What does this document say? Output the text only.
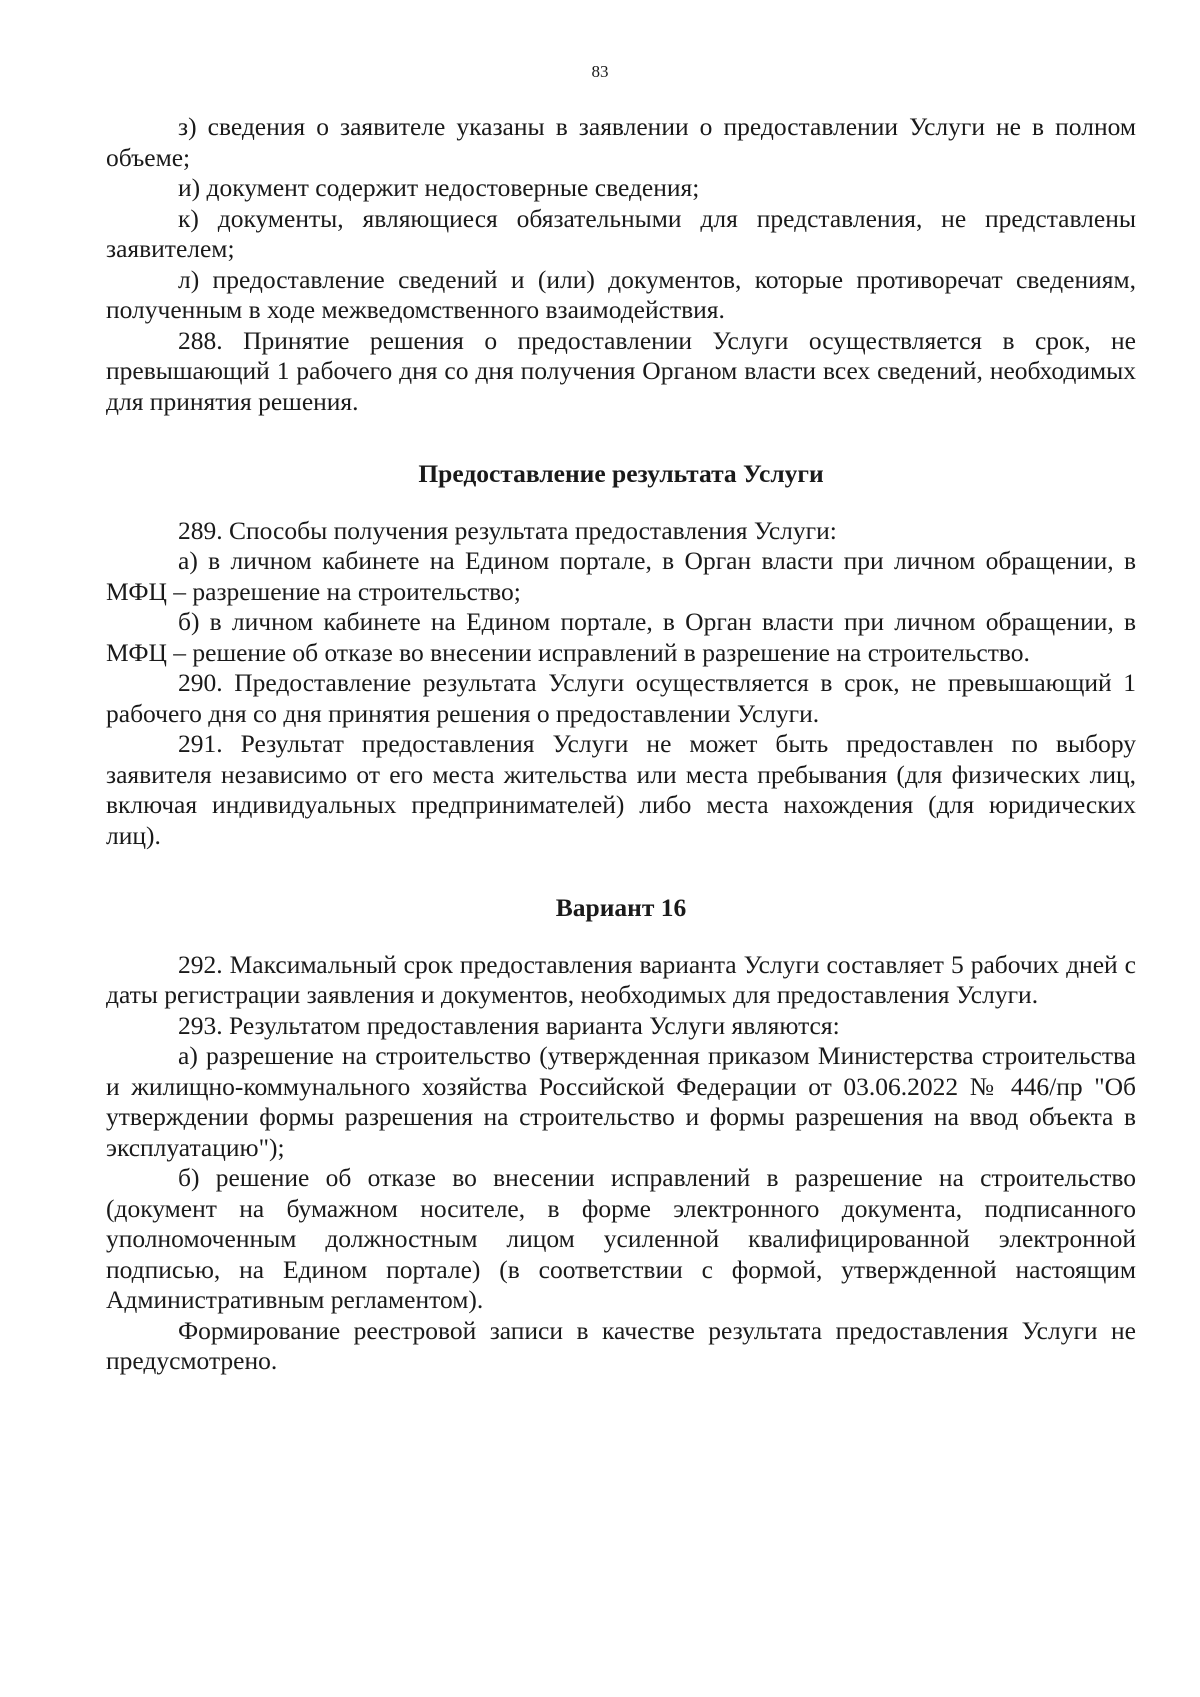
83

з) сведения о заявителе указаны в заявлении о предоставлении Услуги не в полном объеме;

и) документ содержит недостоверные сведения;

к) документы, являющиеся обязательными для представления, не представлены заявителем;

л) предоставление сведений и (или) документов, которые противоречат сведениям, полученным в ходе межведомственного взаимодействия.

288. Принятие решения о предоставлении Услуги осуществляется в срок, не превышающий 1 рабочего дня со дня получения Органом власти всех сведений, необходимых для принятия решения.

Предоставление результата Услуги

289. Способы получения результата предоставления Услуги:

а) в личном кабинете на Едином портале, в Орган власти при личном обращении, в МФЦ – разрешение на строительство;

б) в личном кабинете на Едином портале, в Орган власти при личном обращении, в МФЦ – решение об отказе во внесении исправлений в разрешение на строительство.

290. Предоставление результата Услуги осуществляется в срок, не превышающий 1 рабочего дня со дня принятия решения о предоставлении Услуги.

291. Результат предоставления Услуги не может быть предоставлен по выбору заявителя независимо от его места жительства или места пребывания (для физических лиц, включая индивидуальных предпринимателей) либо места нахождения (для юридических лиц).

Вариант 16

292. Максимальный срок предоставления варианта Услуги составляет 5 рабочих дней с даты регистрации заявления и документов, необходимых для предоставления Услуги.

293. Результатом предоставления варианта Услуги являются:

а) разрешение на строительство (утвержденная приказом Министерства строительства и жилищно-коммунального хозяйства Российской Федерации от 03.06.2022 № 446/пр "Об утверждении формы разрешения на строительство и формы разрешения на ввод объекта в эксплуатацию");

б) решение об отказе во внесении исправлений в разрешение на строительство (документ на бумажном носителе, в форме электронного документа, подписанного уполномоченным должностным лицом усиленной квалифицированной электронной подписью, на Едином портале) (в соответствии с формой, утвержденной настоящим Административным регламентом).

Формирование реестровой записи в качестве результата предоставления Услуги не предусмотрено.
